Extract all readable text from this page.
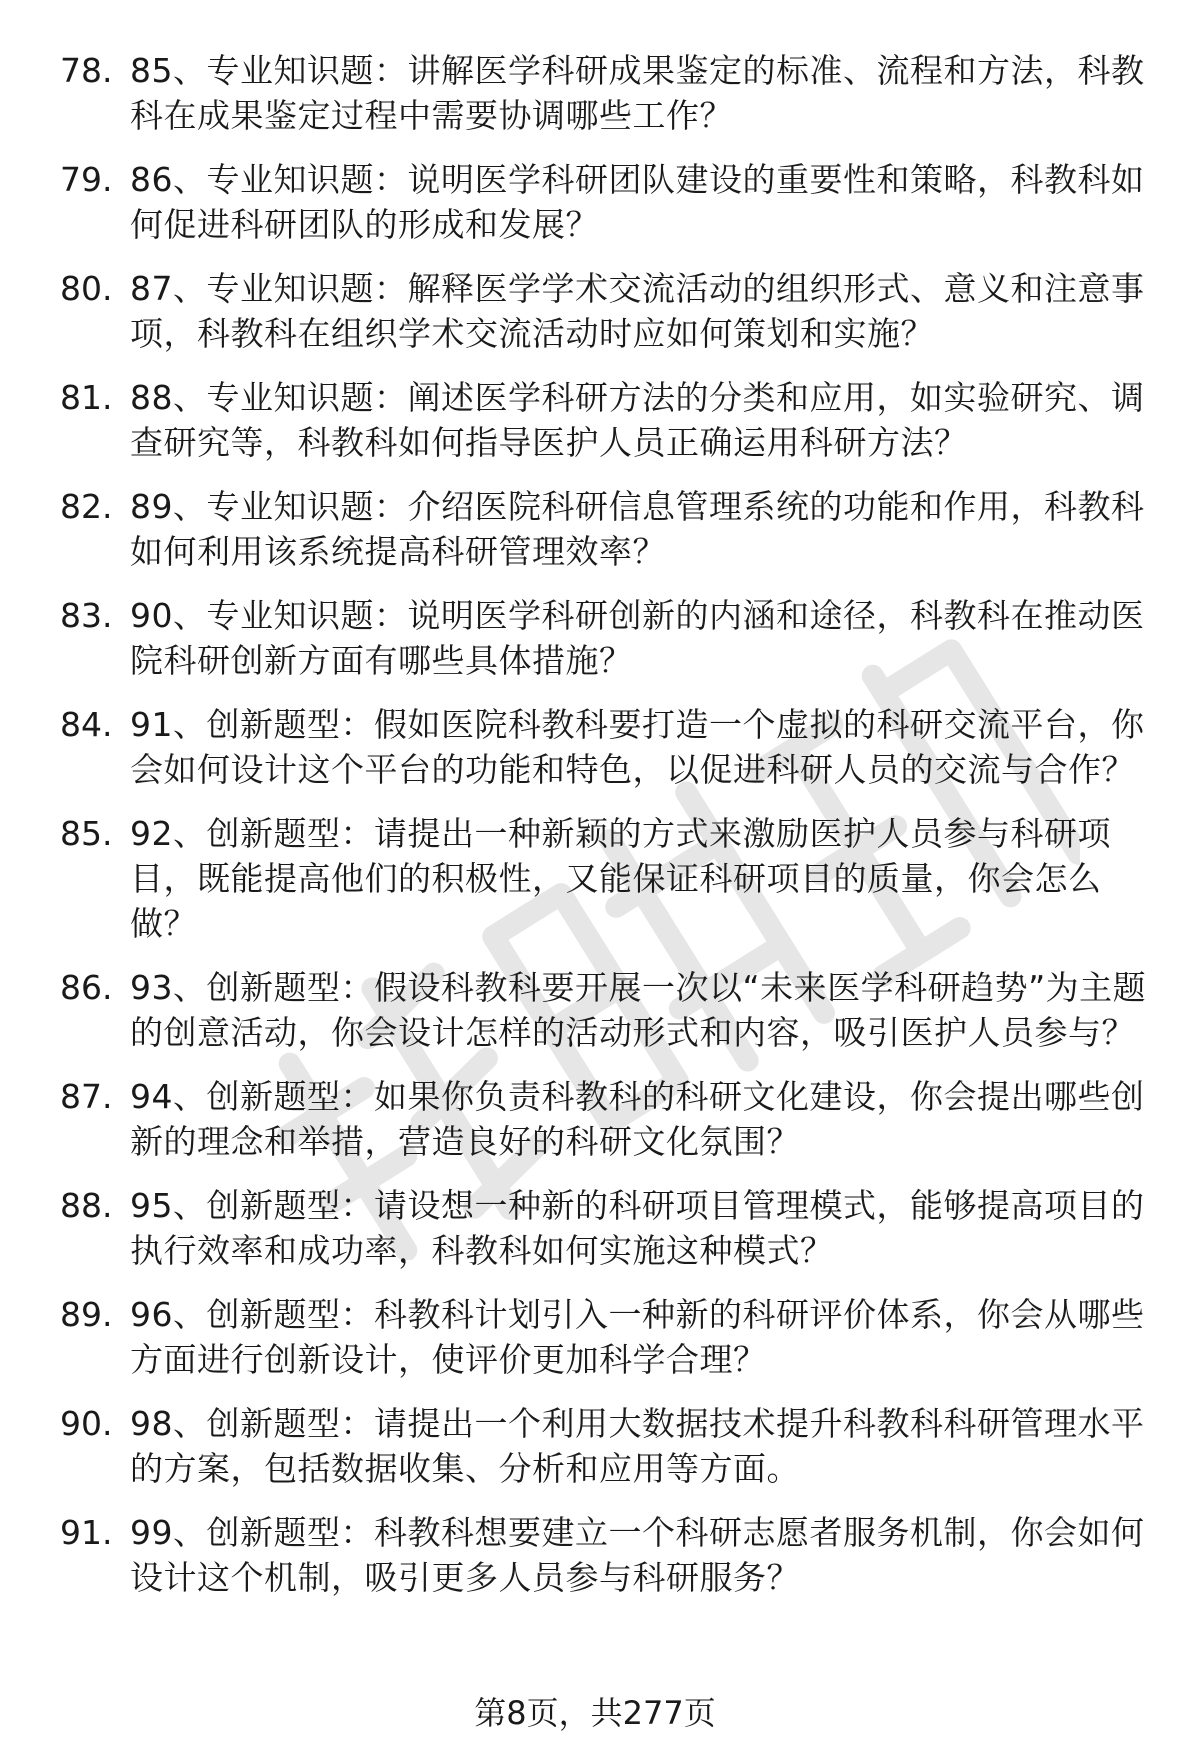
78. 85、专业知识题：讲解医学科研成果鉴定的标准、流程和方法，科教科在成果鉴定过程中需要协调哪些工作？
79. 86、专业知识题：说明医学科研团队建设的重要性和策略，科教科如何促进科研团队的形成和发展？
80. 87、专业知识题：解释医学学术交流活动的组织形式、意义和注意事项，科教科在组织学术交流活动时应如何策划和实施？
81. 88、专业知识题：阐述医学科研方法的分类和应用，如实验研究、调查研究等，科教科如何指导医护人员正确运用科研方法？
82. 89、专业知识题：介绍医院科研信息管理系统的功能和作用，科教科如何利用该系统提高科研管理效率？
83. 90、专业知识题：说明医学科研创新的内涵和途径，科教科在推动医院科研创新方面有哪些具体措施？
84. 91、创新题型：假如医院科教科要打造一个虚拟的科研交流平台，你会如何设计这个平台的功能和特色，以促进科研人员的交流与合作？
85. 92、创新题型：请提出一种新颖的方式来激励医护人员参与科研项目，既能提高他们的积极性，又能保证科研项目的质量，你会怎么做？
86. 93、创新题型：假设科教科要开展一次以“未来医学科研趋势”为主题的创意活动，你会设计怎样的活动形式和内容，吸引医护人员参与？
87. 94、创新题型：如果你负责科教科的科研文化建设，你会提出哪些创新的理念和举措，营造良好的科研文化氛围？
88. 95、创新题型：请设想一种新的科研项目管理模式，能够提高项目的执行效率和成功率，科教科如何实施这种模式？
89. 96、创新题型：科教科计划引入一种新的科研评价体系，你会从哪些方面进行创新设计，使评价更加科学合理？
90. 98、创新题型：请提出一个利用大数据技术提升科教科科研管理水平的方案，包括数据收集、分析和应用等方面。
91. 99、创新题型：科教科想要建立一个科研志愿者服务机制，你会如何设计这个机制，吸引更多人员参与科研服务？
第8页，共277页
